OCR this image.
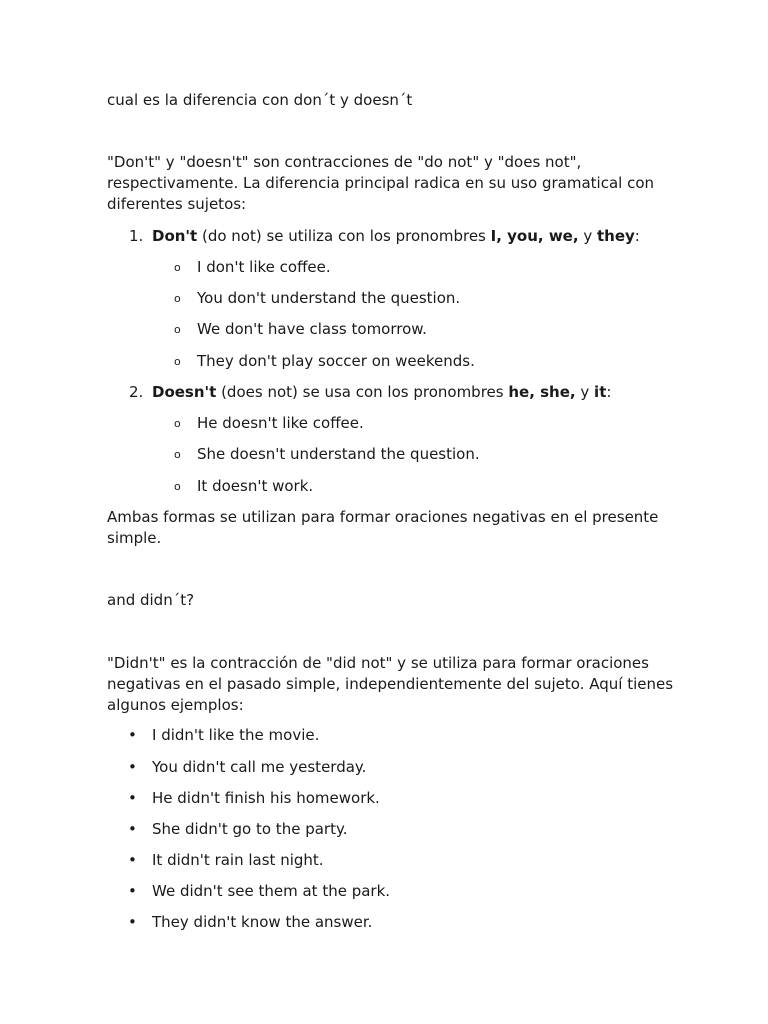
cual es la diferencia con don´t y doesn´t

"Don't" y "doesn't" son contracciones de "do not" y "does not", respectivamente. La diferencia principal radica en su uso gramatical con diferentes sujetos:

1. Don't (do not) se utiliza con los pronombres I, you, we, y they:
o I don't like coffee.
o You don't understand the question.
o We don't have class tomorrow.
o They don't play soccer on weekends.
2. Doesn't (does not) se usa con los pronombres he, she, y it:
o He doesn't like coffee.
o She doesn't understand the question.
o It doesn't work.

Ambas formas se utilizan para formar oraciones negativas en el presente simple.

and didn´t?

"Didn't" es la contracción de "did not" y se utiliza para formar oraciones negativas en el pasado simple, independientemente del sujeto. Aquí tienes algunos ejemplos:

• I didn't like the movie.
• You didn't call me yesterday.
• He didn't finish his homework.
• She didn't go to the party.
• It didn't rain last night.
• We didn't see them at the park.
• They didn't know the answer.
